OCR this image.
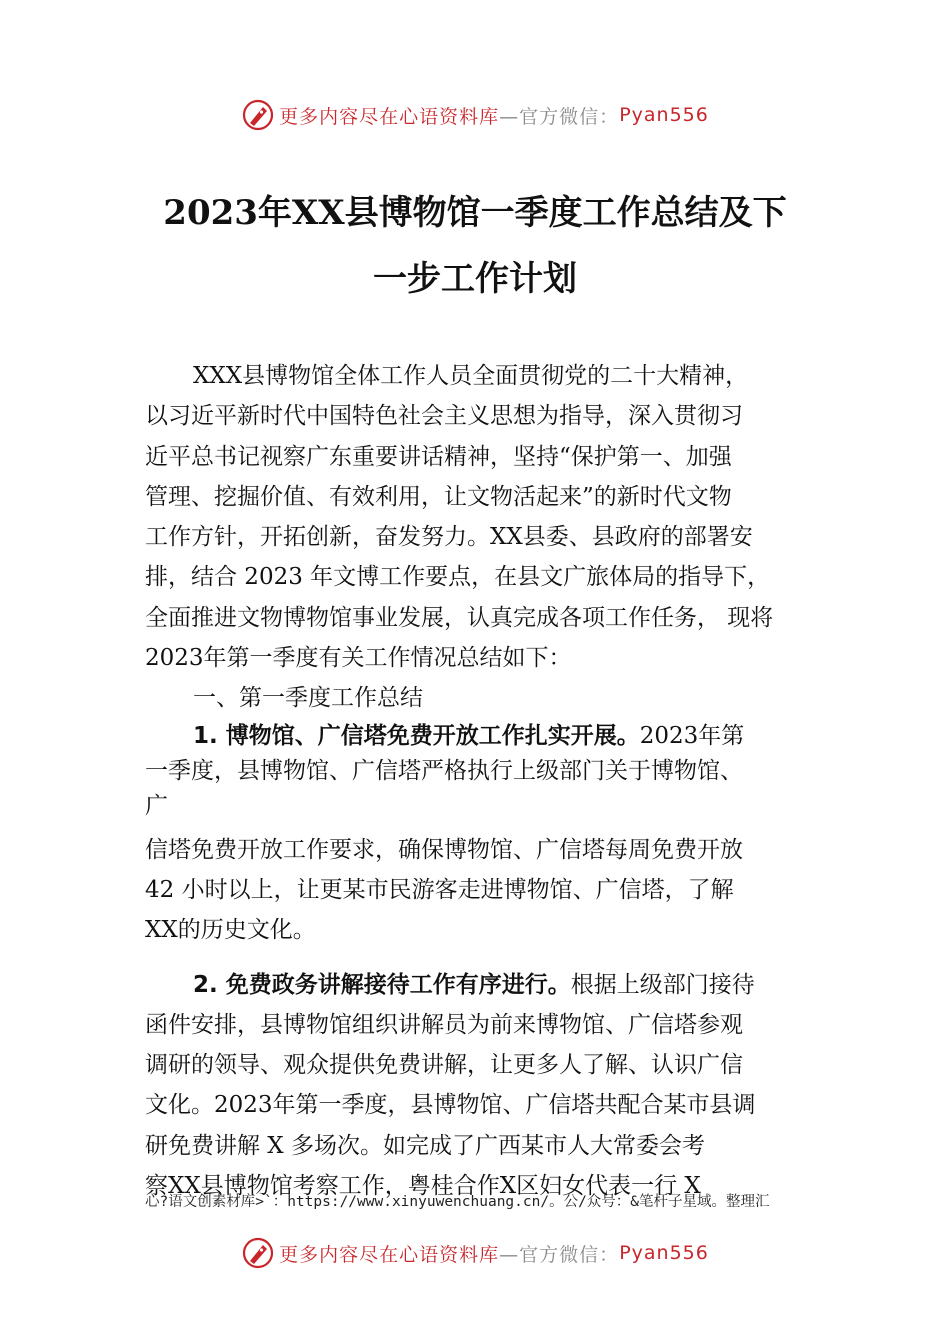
更多内容尽在心语资料库 —官方微信： Pyan556
2023年XX县博物馆一季度工作总结及下
一步工作计划

XXX县博物馆全体工作人员全面贯彻党的二十大精神，
以习近平新时代中国特色社会主义思想为指导，深入贯彻习
近平总书记视察广东重要讲话精神，坚持“保护第一、加强
管理、挖掘价值、有效利用，让文物活起来”的新时代文物
工作方针，开拓创新，奋发努力。XX县委、县政府的部署安
排，结合 2023 年文博工作要点，在县文广旅体局的指导下，
全面推进文物博物馆事业发展，认真完成各项工作任务， 现将
2023年第一季度有关工作情况总结如下：

一、第一季度工作总结

1. 博物馆、广信塔免费开放工作扎实开展。2023年第
一季度，县博物馆、广信塔严格执行上级部门关于博物馆、
广

信塔免费开放工作要求，确保博物馆、广信塔每周免费开放
42 小时以上，让更某市民游客走进博物馆、广信塔，了解
XX的历史文化。

2. 免费政务讲解接待工作有序进行。根据上级部门接待
函件安排，县博物馆组织讲解员为前来博物馆、广信塔参观
调研的领导、观众提供免费讲解，让更多人了解、认识广信
文化。2023年第一季度，县博物馆、广信塔共配合某市县调
研免费讲解 X 多场次。如完成了广西某市人大常委会考
察XX县博物馆考察工作，粤桂合作X区妇女代表一行 X

心?语文创素材库>`：https://www.xinyuwenchuang.cn/。公/众号：&笔杆子星域。整理汇
更多内容尽在心语资料库 —官方微信： Pyan556
